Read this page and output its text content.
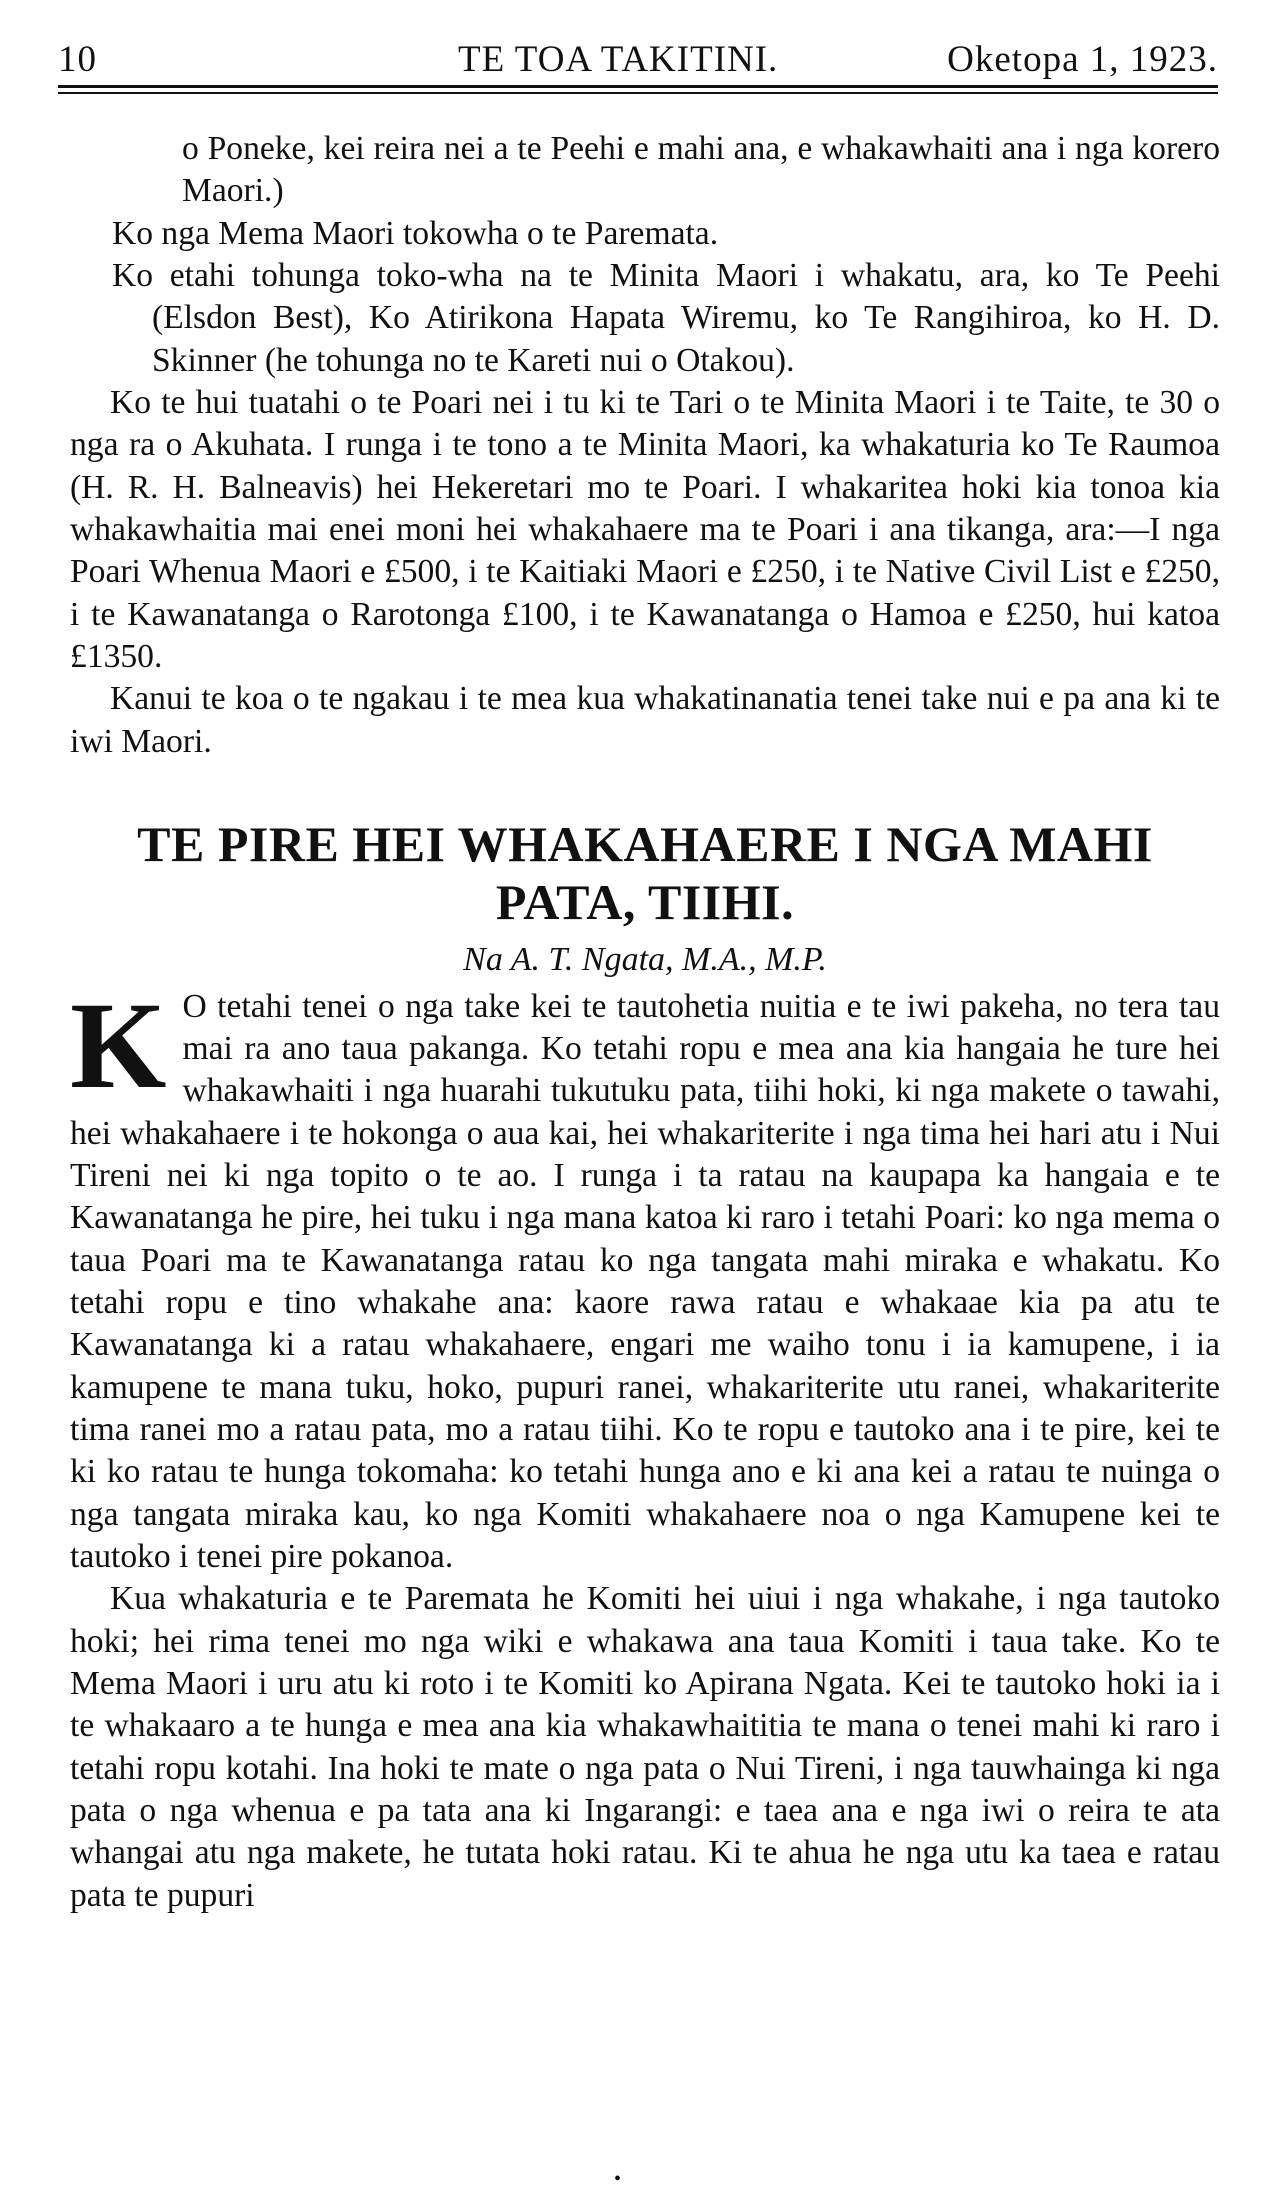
10	TE TOA TAKITINI.	Oketopa 1, 1923.

o Poneke, kei reira nei a te Peehi e mahi ana, e whakawhaiti ana i nga korero Maori.)

Ko nga Mema Maori tokowha o te Paremata.

Ko etahi tohunga toko-wha na te Minita Maori i whakatu, ara, ko Te Peehi (Elsdon Best), Ko Atirikona Hapata Wiremu, ko Te Rangihiroa, ko H. D. Skinner (he tohunga no te Kareti nui o Otakou).

Ko te hui tuatahi o te Poari nei i tu ki te Tari o te Minita Maori i te Taite, te 30 o nga ra o Akuhata. I runga i te tono a te Minita Maori, ka whakaturia ko Te Raumoa (H. R. H. Balneavis) hei Hekeretari mo te Poari. I whakaritea hoki kia tonoa kia whakawhaitia mai enei moni hei whakahaere ma te Poari i ana tikanga, ara:—I nga Poari Whenua Maori e £500, i te Kaitiaki Maori e £250, i te Native Civil List e £250, i te Kawanatanga o Rarotonga £100, i te Kawanatanga o Hamoa e £250, hui katoa £1350.

Kanui te koa o te ngakau i te mea kua whakatinanatia tenei take nui e pa ana ki te iwi Maori.

TE PIRE HEI WHAKAHAERE I NGA MAHI PATA, TIIHI.
Na A. T. Ngata, M.A., M.P.

K O tetahi tenei o nga take kei te tautohetia nuitia e te iwi pakeha, no tera tau mai ra ano taua pakanga. Ko tetahi ropu e mea ana kia hangaia he ture hei whakawhaiti i nga huarahi tukutuku pata, tiihi hoki, ki nga makete o tawahi, hei whakahaere i te hokonga o aua kai, hei whakariterite i nga tima hei hari atu i Nui Tireni nei ki nga topito o te ao. I runga i ta ratau na kaupapa ka hangaia e te Kawanatanga he pire, hei tuku i nga mana katoa ki raro i tetahi Poari: ko nga mema o taua Poari ma te Kawanatanga ratau ko nga tangata mahi miraka e whakatu. Ko tetahi ropu e tino whakahe ana: kaore rawa ratau e whakaae kia pa atu te Kawanatanga ki a ratau whakahaere, engari me waiho tonu i ia kamupene, i ia kamupene te mana tuku, hoko, pupuri ranei, whakariterite utu ranei, whakariterite tima ranei mo a ratau pata, mo a ratau tiihi. Ko te ropu e tautoko ana i te pire, kei te ki ko ratau te hunga tokomaha: ko tetahi hunga ano e ki ana kei a ratau te nuinga o nga tangata miraka kau, ko nga Komiti whakahaere noa o nga Kamupene kei te tautoko i tenei pire pokanoa.

Kua whakaturia e te Paremata he Komiti hei uiui i nga whakahe, i nga tautoko hoki; hei rima tenei mo nga wiki e whakawa ana taua Komiti i taua take. Ko te Mema Maori i uru atu ki roto i te Komiti ko Apirana Ngata. Kei te tautoko hoki ia i te whakaaro a te hunga e mea ana kia whakawhaititia te mana o tenei mahi ki raro i tetahi ropu kotahi. Ina hoki te mate o nga pata o Nui Tireni, i nga tauwhainga ki nga pata o nga whenua e pa tata ana ki Ingarangi: e taea ana e nga iwi o reira te ata whangai atu nga makete, he tutata hoki ratau. Ki te ahua he nga utu ka taea e ratau pata te pupuri

•
